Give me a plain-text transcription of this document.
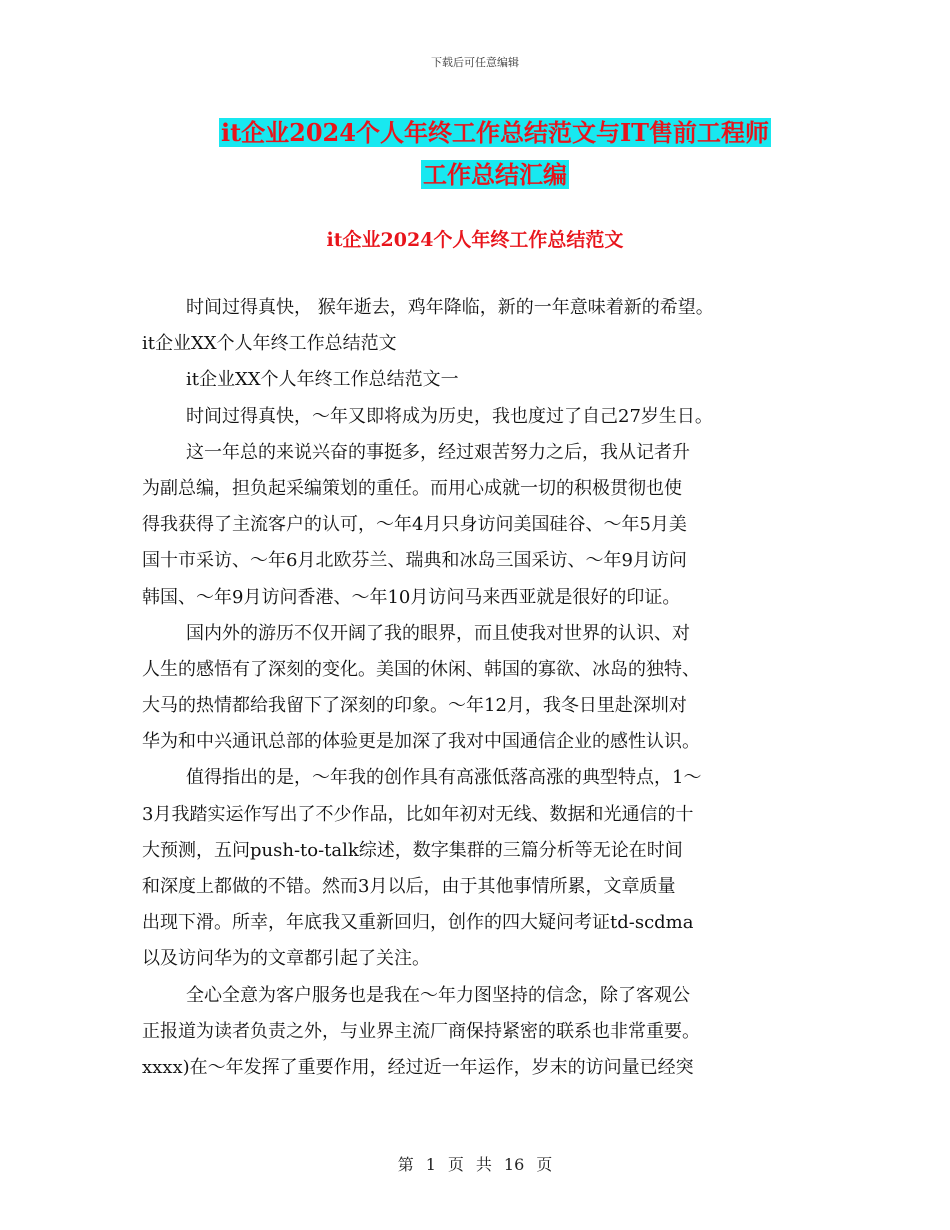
下载后可任意编辑
it企业2024个人年终工作总结范文与IT售前工程师
工作总结汇编
it企业2024个人年终工作总结范文
时间过得真快， 猴年逝去，鸡年降临，新的一年意味着新的希望。
it企业XX个人年终工作总结范文
it企业XX个人年终工作总结范文一
时间过得真快，～年又即将成为历史，我也度过了自己27岁生日。
这一年总的来说兴奋的事挺多，经过艰苦努力之后，我从记者升
为副总编，担负起采编策划的重任。而用心成就一切的积极贯彻也使
得我获得了主流客户的认可，～年4月只身访问美国硅谷、～年5月美
国十市采访、～年6月北欧芬兰、瑞典和冰岛三国采访、～年9月访问
韩国、～年9月访问香港、～年10月访问马来西亚就是很好的印证。
国内外的游历不仅开阔了我的眼界，而且使我对世界的认识、对
人生的感悟有了深刻的变化。美国的休闲、韩国的寡欲、冰岛的独特、
大马的热情都给我留下了深刻的印象。～年12月，我冬日里赴深圳对
华为和中兴通讯总部的体验更是加深了我对中国通信企业的感性认识。
值得指出的是，～年我的创作具有高涨低落高涨的典型特点，1～
3月我踏实运作写出了不少作品，比如年初对无线、数据和光通信的十
大预测，五问push-to-talk综述，数字集群的三篇分析等无论在时间
和深度上都做的不错。然而3月以后，由于其他事情所累，文章质量
出现下滑。所幸，年底我又重新回归，创作的四大疑问考证td-scdma
以及访问华为的文章都引起了关注。
全心全意为客户服务也是我在～年力图坚持的信念，除了客观公
正报道为读者负责之外，与业界主流厂商保持紧密的联系也非常重要。
xxxx)在～年发挥了重要作用，经过近一年运作，岁末的访问量已经突
第 1 页 共 16 页
